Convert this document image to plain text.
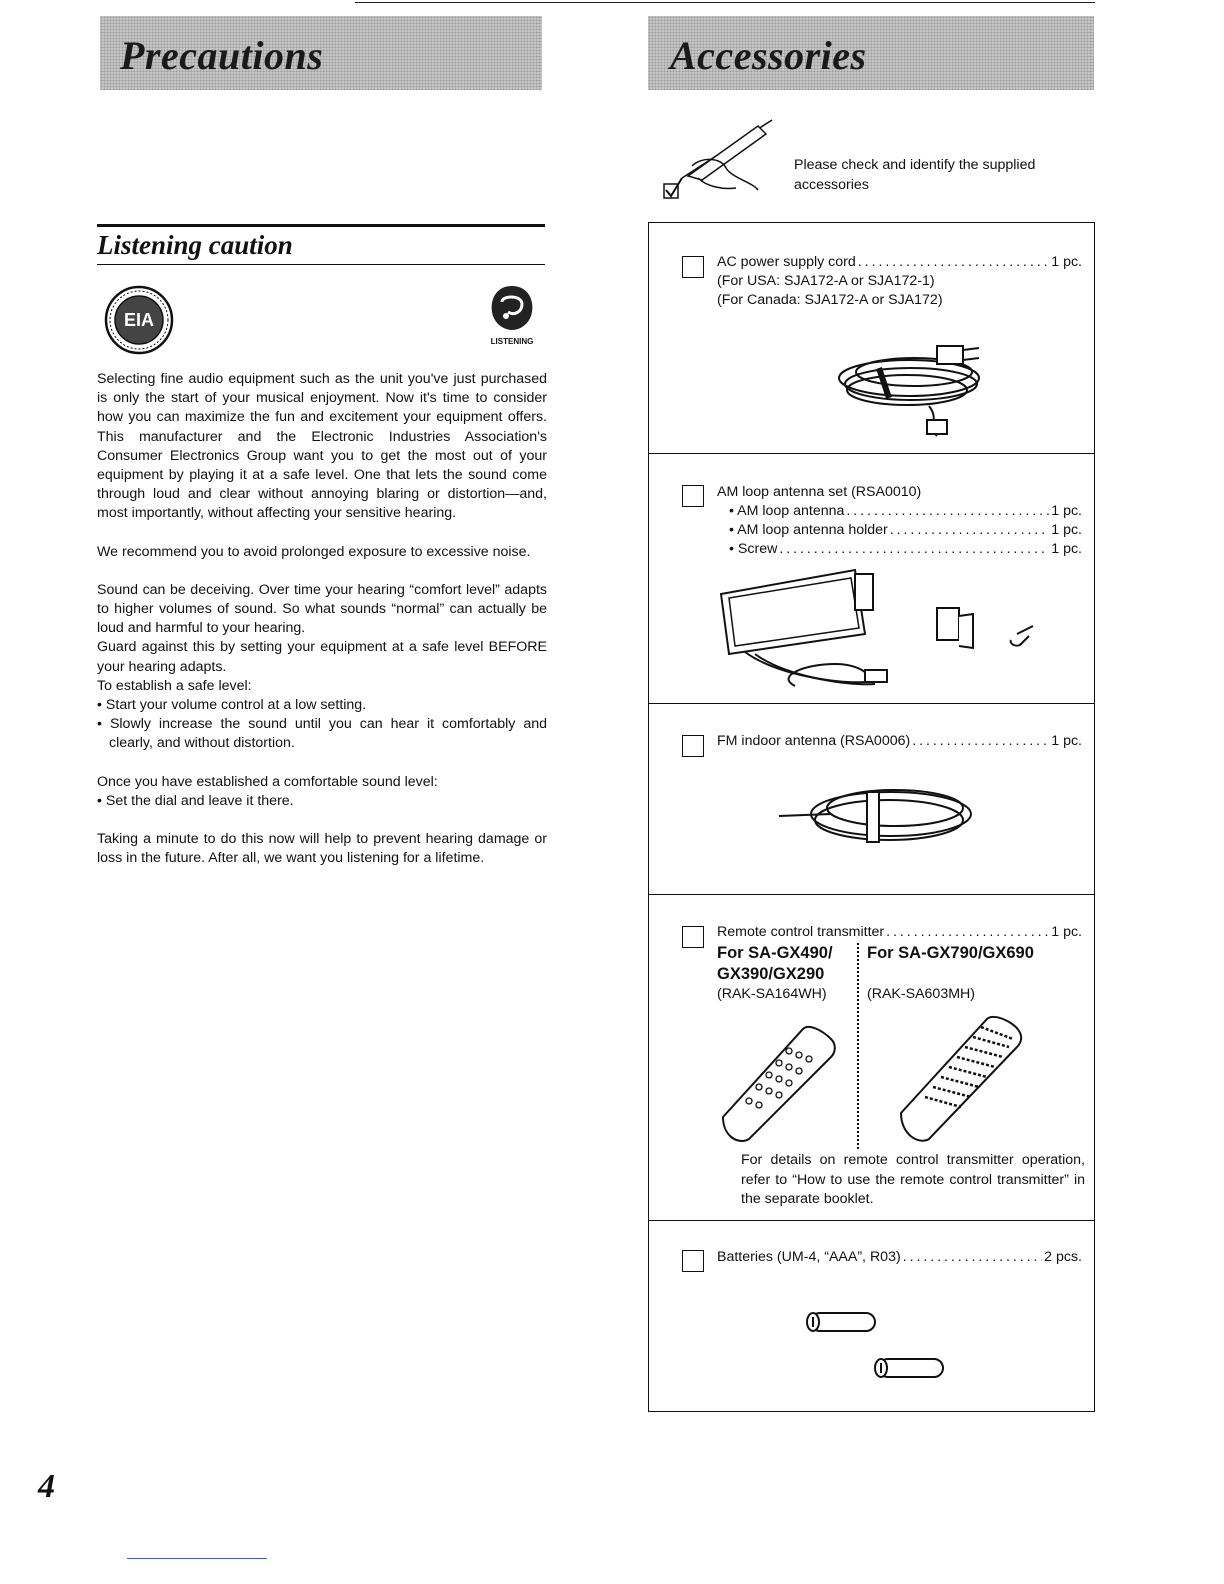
Precautions	Accessories
Listening caution
EIA
LISTENING

Selecting fine audio equipment such as the unit you've just purchased is only the start of your musical enjoyment. Now it's time to consider how you can maximize the fun and excitement your equipment offers. This manufacturer and the Electronic Industries Association's Consumer Electronics Group want you to get the most out of your equipment by playing it at a safe level. One that lets the sound come through loud and clear without annoying blaring or distortion—and, most importantly, without affecting your sensitive hearing.

We recommend you to avoid prolonged exposure to excessive noise.

Sound can be deceiving. Over time your hearing “comfort level” adapts to higher volumes of sound. So what sounds “normal” can actually be loud and harmful to your hearing.

Guard against this by setting your equipment at a safe level BEFORE your hearing adapts.

To establish a safe level:

• Start your volume control at a low setting.

• Slowly increase the sound until you can hear it comfortably and clearly, and without distortion.

Once you have established a comfortable sound level:

• Set the dial and leave it there.

Taking a minute to do this now will help to prevent hearing damage or loss in the future. After all, we want you listening for a lifetime.

Please check and identify the supplied accessories
AC power supply cord . . .	1 pc.
(For USA: SJA172-A or SJA172-1)
(For Canada: SJA172-A or SJA172)
AM loop antenna set (RSA0010)
• AM loop antenna . . .	1 pc.
• AM loop antenna holder . . .	1 pc.
• Screw . . .	1 pc.
FM indoor antenna (RSA0006) . . .	1 pc.
Remote control transmitter . . .	1 pc.
For SA-GX490/
GX390/GX290
(RAK-SA164WH)
For SA-GX790/GX690
(RAK-SA603MH)
For details on remote control transmitter operation, refer to “How to use the remote control transmitter” in the separate booklet.
Batteries (UM-4, “AAA”, R03) . . .	2 pcs.
4
